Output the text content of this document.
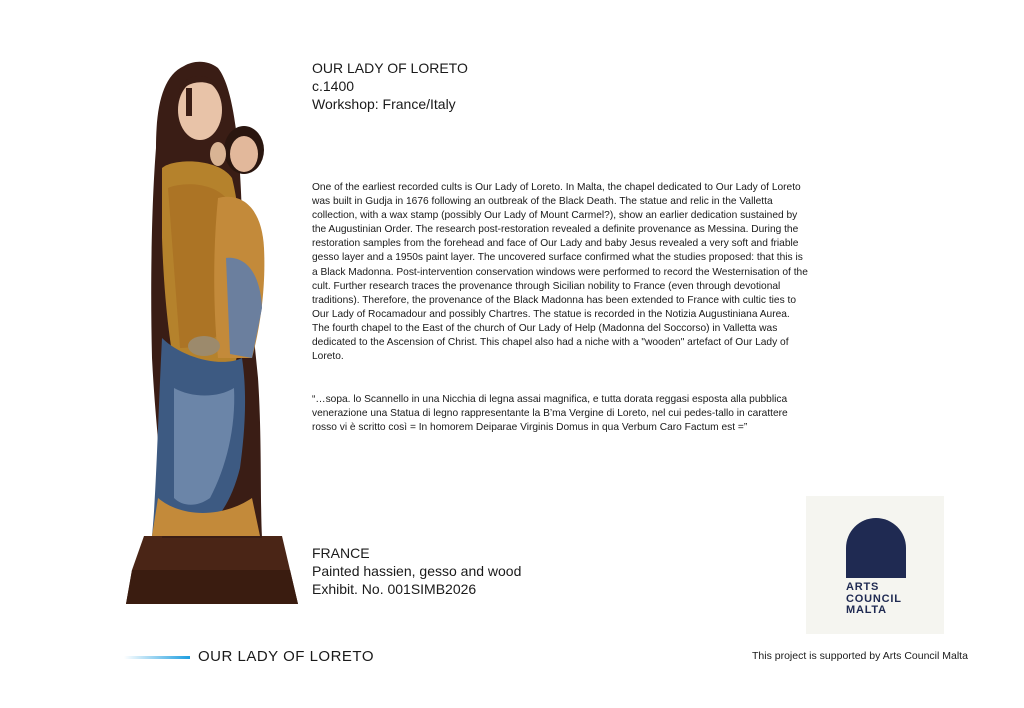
OUR LADY OF LORETO
c.1400
Workshop: France/Italy
One of the earliest recorded cults is Our Lady of Loreto. In Malta, the chapel dedicated to Our Lady of Loreto was built in Gudja in 1676 following an outbreak of the Black Death. The statue and relic in the Valletta collection, with a wax stamp (possibly Our Lady of Mount Carmel?), show an earlier dedication sustained by the Augustinian Order. The research post-restoration revealed a definite provenance as Messina. During the restoration samples from the forehead and face of Our Lady and baby Jesus revealed a very soft and friable gesso layer and a 1950s paint layer. The uncovered surface confirmed what the studies proposed: that this is a Black Madonna. Post-intervention conservation windows were performed to record the Westernisation of the cult. Further research traces the provenance through Sicilian nobility to France (even through devotional traditions). Therefore, the provenance of the Black Madonna has been extended to France with cultic ties to Our Lady of Rocamadour and possibly Chartres. The statue is recorded in the Notizia Augustiniana Aurea. The fourth chapel to the East of the church of Our Lady of Help (Madonna del Soccorso) in Valletta was dedicated to the Ascension of Christ. This chapel also had a niche with a "wooden" artefact of Our Lady of Loreto.
“…sopa. lo Scannello in una Nicchia di legna assai magnifica, e tutta dorata reggasi esposta alla pubblica venerazione una Statua di legno rappresentante la B’ma Vergine di Loreto, nel cui pedes-tallo in carattere rosso vi è scritto così = In homorem Deiparae Virginis Domus in qua Verbum Caro Factum est =”
FRANCE
Painted hassien, gesso and wood
Exhibit. No. 001SIMB2026	ARTS
COUNCIL
MALTA
OUR LADY OF LORETO	This project is supported by Arts Council Malta
